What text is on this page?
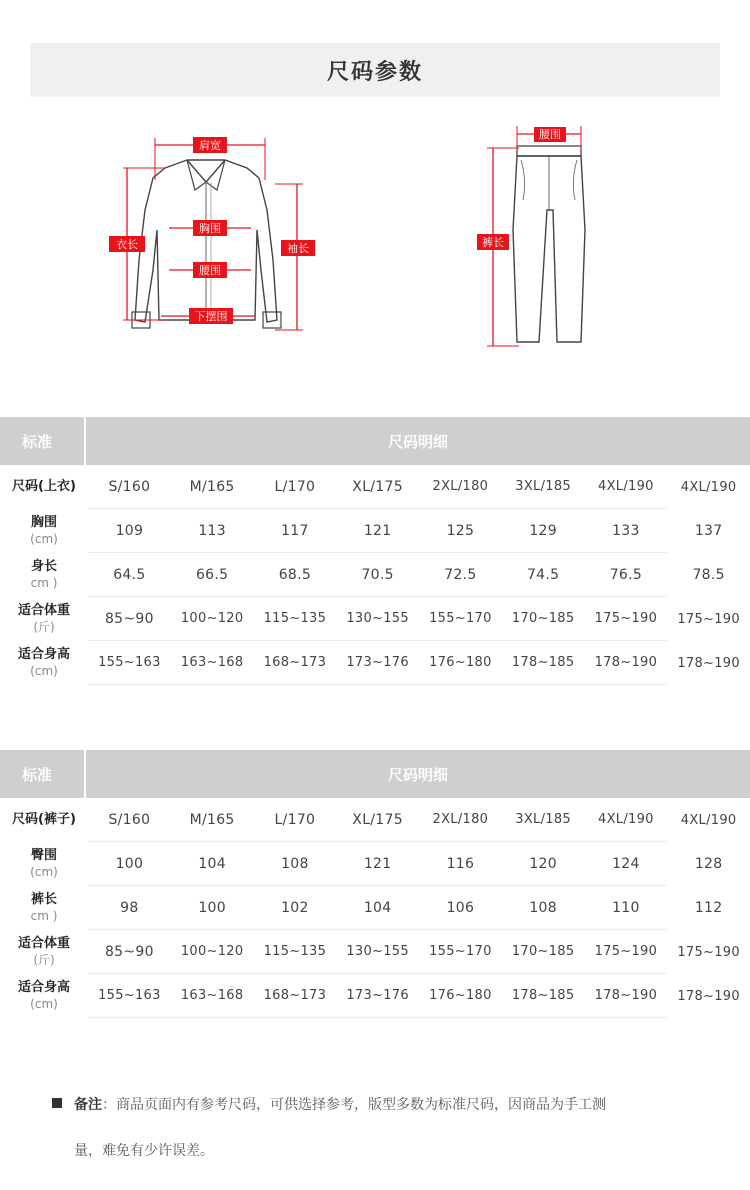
尺码参数
肩宽
衣长
胸围
腰围
下摆围
袖长
腰围
裤长
标准	尺码明细
尺码(上衣)	S/160	M/165	L/170	XL/175	2XL/180	3XL/185	4XL/190	4XL/190
胸围
(cm)
109	113	117	121	125	129	133	137
身长
cm )
64.5	66.5	68.5	70.5	72.5	74.5	76.5	78.5
适合体重
(斤)
85~90	100~120	115~135	130~155	155~170	170~185	175~190	175~190
适合身高
(cm)
155~163	163~168	168~173	173~176	176~180	178~185	178~190	178~190
标准	尺码明细
尺码(裤子)	S/160	M/165	L/170	XL/175	2XL/180	3XL/185	4XL/190	4XL/190
臀围
(cm)
100	104	108	121	116	120	124	128
裤长
cm )
98	100	102	104	106	108	110	112
适合体重
(斤)
85~90	100~120	115~135	130~155	155~170	170~185	175~190	175~190
适合身高
(cm)
155~163	163~168	168~173	173~176	176~180	178~185	178~190	178~190
备注：商品页面内有参考尺码，可供选择参考，版型多数为标准尺码，因商品为手工测
量，难免有少许误差。
